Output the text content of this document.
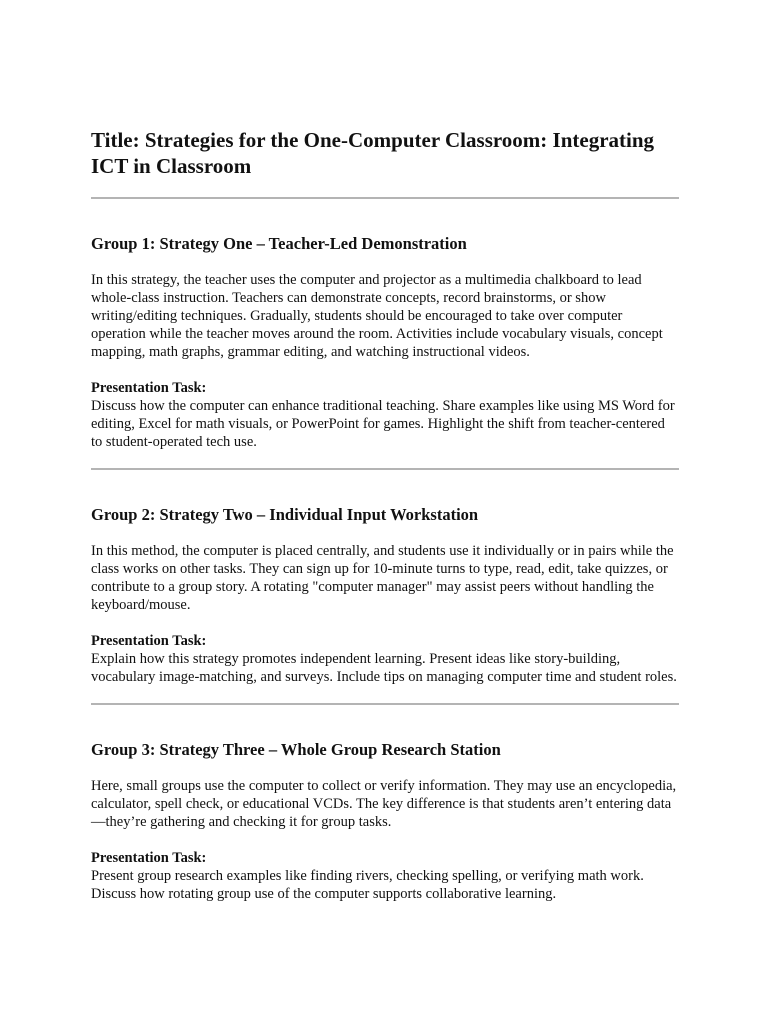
Title: Strategies for the One-Computer Classroom: Integrating ICT in Classroom
Group 1: Strategy One – Teacher-Led Demonstration

In this strategy, the teacher uses the computer and projector as a multimedia chalkboard to lead whole-class instruction. Teachers can demonstrate concepts, record brainstorms, or show writing/editing techniques. Gradually, students should be encouraged to take over computer operation while the teacher moves around the room. Activities include vocabulary visuals, concept mapping, math graphs, grammar editing, and watching instructional videos.

Presentation Task:

Discuss how the computer can enhance traditional teaching. Share examples like using MS Word for editing, Excel for math visuals, or PowerPoint for games. Highlight the shift from teacher-centered to student-operated tech use.

Group 2: Strategy Two – Individual Input Workstation

In this method, the computer is placed centrally, and students use it individually or in pairs while the class works on other tasks. They can sign up for 10-minute turns to type, read, edit, take quizzes, or contribute to a group story. A rotating "computer manager" may assist peers without handling the keyboard/mouse.

Presentation Task:

Explain how this strategy promotes independent learning. Present ideas like story-building, vocabulary image-matching, and surveys. Include tips on managing computer time and student roles.

Group 3: Strategy Three – Whole Group Research Station

Here, small groups use the computer to collect or verify information. They may use an encyclopedia, calculator, spell check, or educational VCDs. The key difference is that students aren’t entering data—they’re gathering and checking it for group tasks.

Presentation Task:

Present group research examples like finding rivers, checking spelling, or verifying math work. Discuss how rotating group use of the computer supports collaborative learning.
